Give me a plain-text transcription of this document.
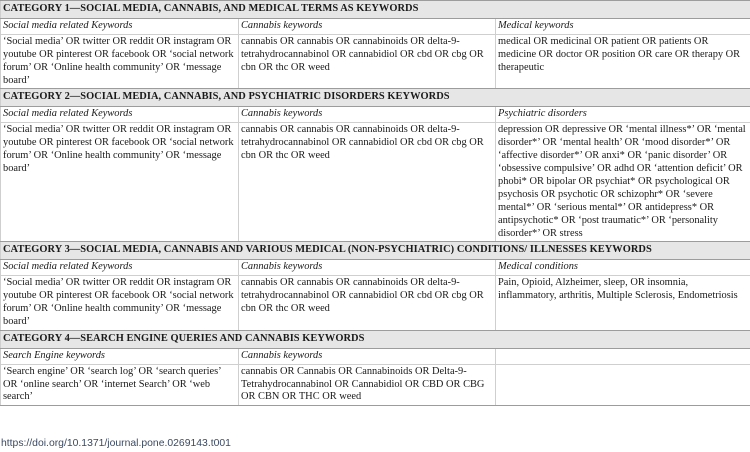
CATEGORY 1—SOCIAL MEDIA, CANNABIS, AND MEDICAL TERMS AS KEYWORDS		
Social media related Keywords	Cannabis keywords	Medical keywords
‘Social media’ OR twitter OR reddit OR instagram OR youtube OR pinterest OR facebook OR ‘social network forum’ OR ‘Online health community’ OR ‘message board’	cannabis OR cannabis OR cannabinoids OR delta-9-tetrahydrocannabinol OR cannabidiol OR cbd OR cbg OR cbn OR thc OR weed	medical OR medicinal OR patient OR patients OR medicine OR doctor OR position OR care OR therapy OR therapeutic
CATEGORY 2—SOCIAL MEDIA, CANNABIS, AND PSYCHIATRIC DISORDERS KEYWORDS		
Social media related Keywords	Cannabis keywords	Psychiatric disorders
‘Social media’ OR twitter OR reddit OR instagram OR youtube OR pinterest OR facebook OR ‘social network forum’ OR ‘Online health community’ OR ‘message board’	cannabis OR cannabis OR cannabinoids OR delta-9-tetrahydrocannabinol OR cannabidiol OR cbd OR cbg OR cbn OR thc OR weed	depression OR depressive OR ‘mental illness*’ OR ‘mental disorder*’ OR ‘mental health’ OR ‘mood disorder*’ OR ‘affective disorder*’ OR anxi* OR ‘panic disorder’ OR ‘obsessive compulsive’ OR adhd OR ‘attention deficit’ OR phobi* OR bipolar OR psychiat* OR psychological OR psychosis OR psychotic OR schizophr* OR ‘severe mental*’ OR ‘serious mental*’ OR antidepress* OR antipsychotic* OR ‘post traumatic*’ OR ‘personality disorder*’ OR stress
CATEGORY 3—SOCIAL MEDIA, CANNABIS AND VARIOUS MEDICAL (NON-PSYCHIATRIC) CONDITIONS/ ILLNESSES KEYWORDS		
Social media related Keywords	Cannabis keywords	Medical conditions
‘Social media’ OR twitter OR reddit OR instagram OR youtube OR pinterest OR facebook OR ‘social network forum’ OR ‘Online health community’ OR ‘message board’	cannabis OR cannabis OR cannabinoids OR delta-9-tetrahydrocannabinol OR cannabidiol OR cbd OR cbg OR cbn OR thc OR weed	Pain, Opioid, Alzheimer, sleep, OR insomnia, inflammatory, arthritis, Multiple Sclerosis, Endometriosis
CATEGORY 4—SEARCH ENGINE QUERIES AND CANNABIS KEYWORDS		
Search Engine keywords	Cannabis keywords	
‘Search engine’ OR ‘search log’ OR ‘search queries’ OR ‘online search’ OR ‘internet Search’ OR ‘web search’	cannabis OR Cannabis OR Cannabinoids OR Delta-9-Tetrahydrocannabinol OR Cannabidiol OR CBD OR CBG OR CBN OR THC OR weed	
https://doi.org/10.1371/journal.pone.0269143.t001
